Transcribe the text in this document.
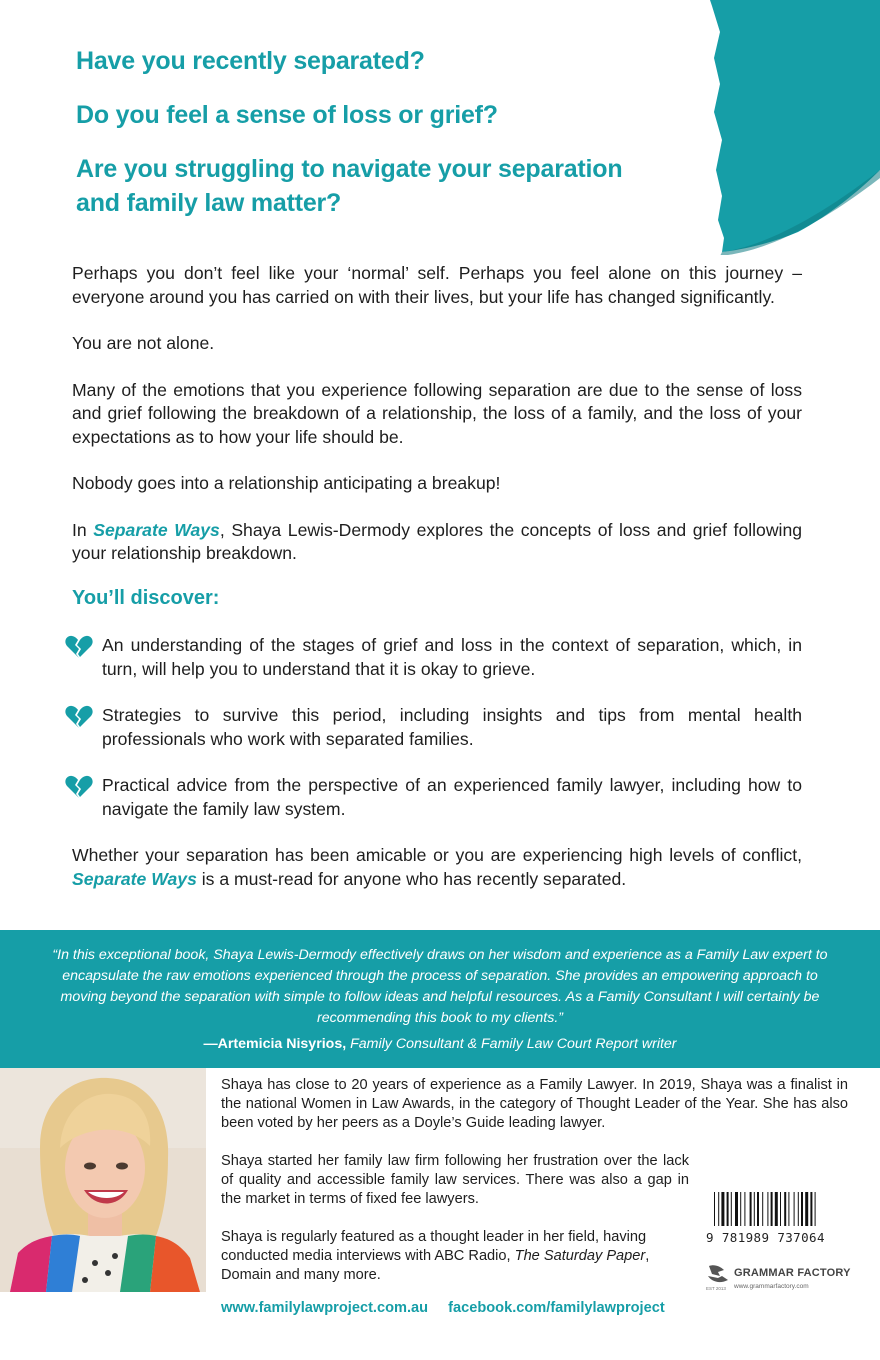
Have you recently separated?

Do you feel a sense of loss or grief?

Are you struggling to navigate your separation and family law matter?

Perhaps you don’t feel like your ‘normal’ self. Perhaps you feel alone on this journey – everyone around you has carried on with their lives, but your life has changed significantly.

You are not alone.

Many of the emotions that you experience following separation are due to the sense of loss and grief following the breakdown of a relationship, the loss of a family, and the loss of your expectations as to how your life should be.

Nobody goes into a relationship anticipating a breakup!

In Separate Ways, Shaya Lewis-Dermody explores the concepts of loss and grief following your relationship breakdown.

You’ll discover:

An understanding of the stages of grief and loss in the context of separation, which, in turn, will help you to understand that it is okay to grieve.

Strategies to survive this period, including insights and tips from mental health professionals who work with separated families.

Practical advice from the perspective of an experienced family lawyer, including how to navigate the family law system.

Whether your separation has been amicable or you are experiencing high levels of conflict, Separate Ways is a must-read for anyone who has recently separated.

“In this exceptional book, Shaya Lewis-Dermody effectively draws on her wisdom and experience as a Family Law expert to encapsulate the raw emotions experienced through the process of separation. She provides an empowering approach to moving beyond the separation with simple to follow ideas and helpful resources. As a Family Consultant I will certainly be recommending this book to my clients.”
—Artemicia Nisyrios, Family Consultant & Family Law Court Report writer

Shaya has close to 20 years of experience as a Family Lawyer. In 2019, Shaya was a finalist in the national Women in Law Awards, in the category of Thought Leader of the Year. She has also been voted by her peers as a Doyle’s Guide leading lawyer.

Shaya started her family law firm following her frustration over the lack of quality and accessible family law services. There was also a gap in the market in terms of fixed fee lawyers.

Shaya is regularly featured as a thought leader in her field, having conducted media interviews with ABC Radio, The Saturday Paper, Domain and many more.

9 781989 737064
GRAMMAR FACTORY
www.grammarfactory.com
EST 2013
www.familylawproject.com.au facebook.com/familylawproject
